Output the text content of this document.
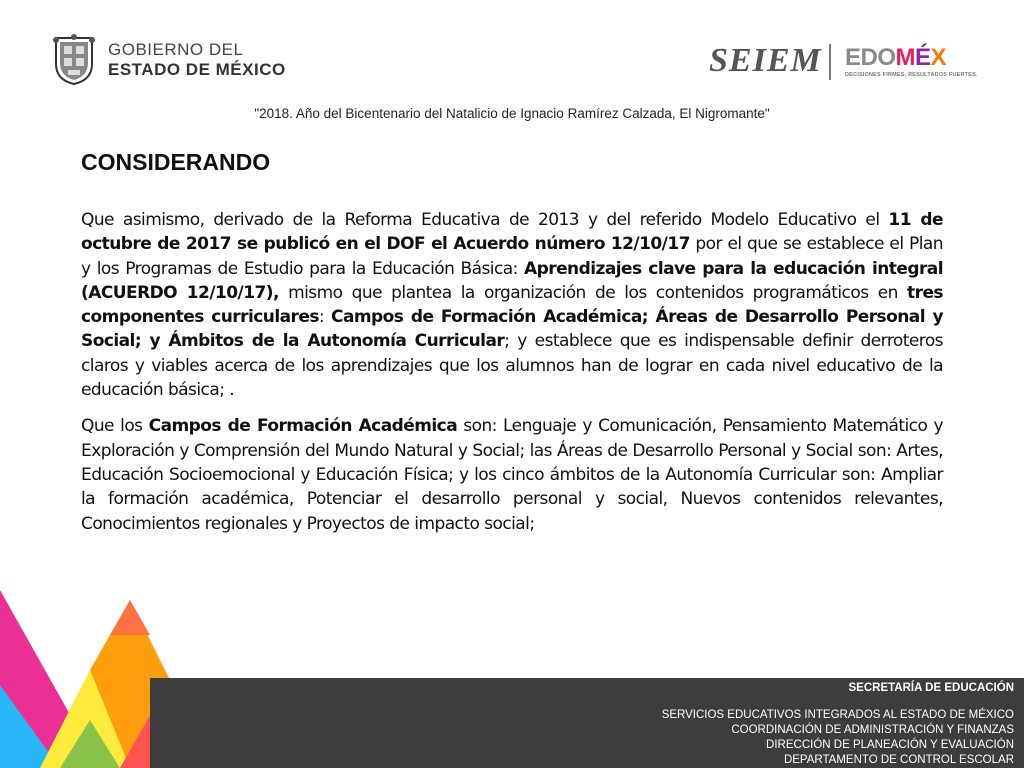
GOBIERNO DEL
ESTADO DE MÉXICO	SEIEM EDOMÉX
DECISIONES FIRMES, RESULTADOS FUERTES.
"2018. Año del Bicentenario del Natalicio de Ignacio Ramírez Calzada, El Nigromante"
CONSIDERANDO

Que asimismo, derivado de la Reforma Educativa de 2013 y del referido Modelo Educativo el 11 de octubre de 2017 se publicó en el DOF el Acuerdo número 12/10/17 por el que se establece el Plan y los Programas de Estudio para la Educación Básica: Aprendizajes clave para la educación integral (ACUERDO 12/10/17), mismo que plantea la organización de los contenidos programáticos en tres componentes curriculares: Campos de Formación Académica; Áreas de Desarrollo Personal y Social; y Ámbitos de la Autonomía Curricular; y establece que es indispensable definir derroteros claros y viables acerca de los aprendizajes que los alumnos han de lograr en cada nivel educativo de la educación básica; .

Que los Campos de Formación Académica son: Lenguaje y Comunicación, Pensamiento Matemático y Exploración y Comprensión del Mundo Natural y Social; las Áreas de Desarrollo Personal y Social son: Artes, Educación Socioemocional y Educación Física; y los cinco ámbitos de la Autonomía Curricular son: Ampliar la formación académica, Potenciar el desarrollo personal y social, Nuevos contenidos relevantes, Conocimientos regionales y Proyectos de impacto social;

SECRETARÍA DE EDUCACIÓN
SERVICIOS EDUCATIVOS INTEGRADOS AL ESTADO DE MÉXICO
COORDINACIÓN DE ADMINISTRACIÓN Y FINANZAS
DIRECCIÓN DE PLANEACIÓN Y EVALUACIÓN
DEPARTAMENTO DE CONTROL ESCOLAR
